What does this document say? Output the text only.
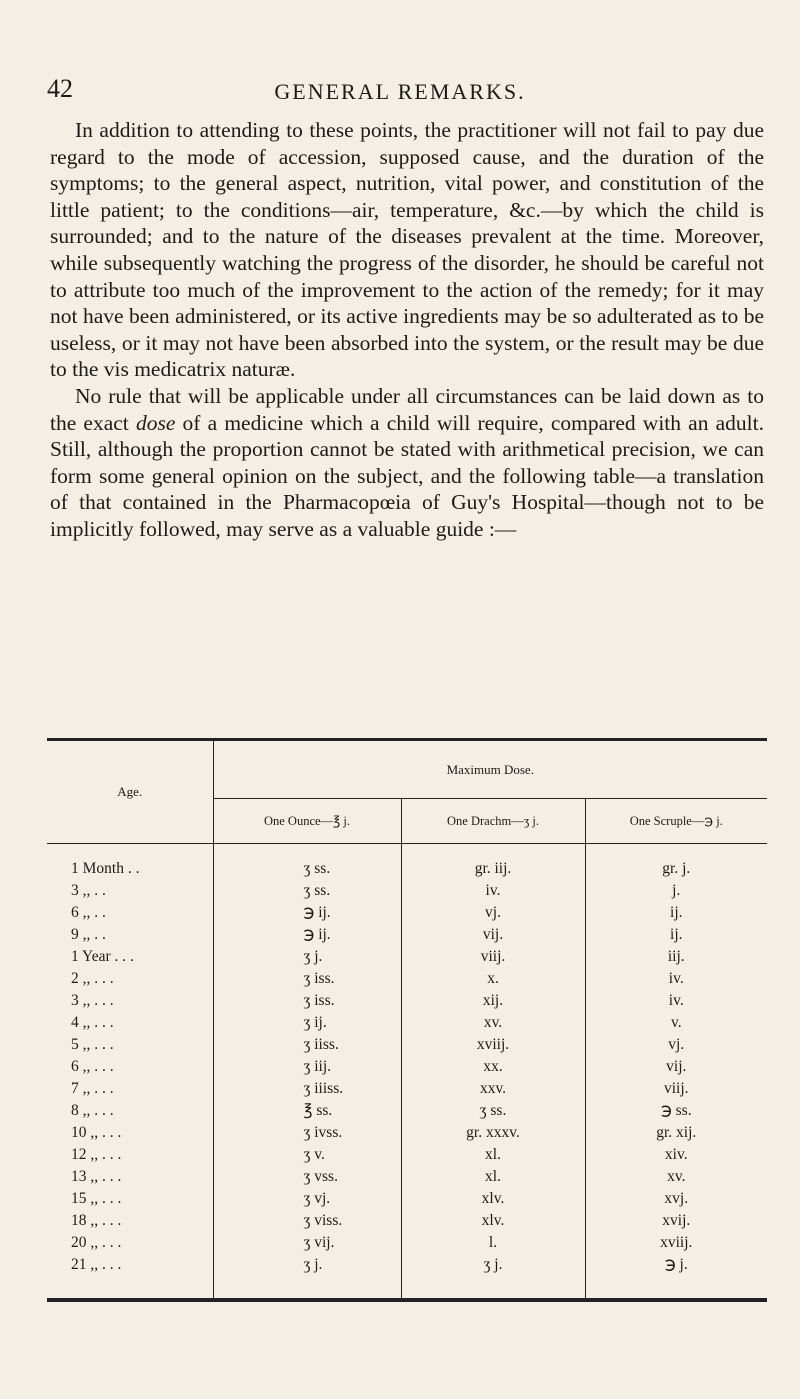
42	GENERAL REMARKS.

In addition to attending to these points, the practitioner will not fail to pay due regard to the mode of accession, supposed cause, and the duration of the symptoms; to the general aspect, nutrition, vital power, and constitution of the little patient; to the conditions—air, temperature, &c.—by which the child is surrounded; and to the nature of the diseases prevalent at the time. Moreover, while subsequently watching the progress of the disorder, he should be careful not to attribute too much of the improvement to the action of the remedy; for it may not have been administered, or its active ingredients may be so adulterated as to be useless, or it may not have been absorbed into the system, or the result may be due to the vis medicatrix naturæ.

No rule that will be applicable under all circumstances can be laid down as to the exact dose of a medicine which a child will require, compared with an adult. Still, although the proportion cannot be stated with arithmetical precision, we can form some general opinion on the subject, and the following table—a translation of that contained in the Pharmacopœia of Guy's Hospital—though not to be implicitly followed, may serve as a valuable guide :—

Age.	Maximum Dose.		
	One Ounce—℥ j.	One Drachm—ʒ j.	One Scruple—℈ j.

1 Month . .	ʒ ss.	gr. iij.	gr. j.
3 ,, . .	ʒ ss.	iv.	j.
6 ,, . .	℈ ij.	vj.	ij.
9 ,, . .	℈ ij.	vij.	ij.
1 Year . . .	ʒ j.	viij.	iij.
2 ,, . . .	ʒ iss.	x.	iv.
3 ,, . . .	ʒ iss.	xij.	iv.
4 ,, . . .	ʒ ij.	xv.	v.
5 ,, . . .	ʒ iiss.	xviij.	vj.
6 ,, . . .	ʒ iij.	xx.	vij.
7 ,, . . .	ʒ iiiss.	xxv.	viij.
8 ,, . . .	℥ ss.	ʒ ss.	℈ ss.
10 ,, . . .	ʒ ivss.	gr. xxxv.	gr. xij.
12 ,, . . .	ʒ v.	xl.	xiv.
13 ,, . . .	ʒ vss.	xl.	xv.
15 ,, . . .	ʒ vj.	xlv.	xvj.
18 ,, . . .	ʒ viss.	xlv.	xvij.
20 ,, . . .	ʒ vij.	l.	xviij.
21 ,, . . .	ʒ j.	ʒ j.	℈ j.
